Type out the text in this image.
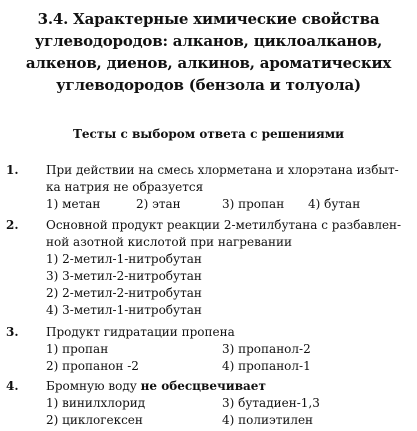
3.4. Характерные химические свойства
углеводородов: алканов, циклоалканов,
алкенов, диенов, алкинов, ароматических
углеводородов (бензола и толуола)
Тесты с выбором ответа с решениями
1. При действии на смесь хлорметана и хлорэтана избыт-
ка натрия не образуется
1) метан	2) этан	3) пропан 4) бутан
2. Основной продукт реакции 2-метилбутана с разбавлен-
ной азотной кислотой при нагревании
1) 2-метил-1-нитробутан
3) 3-метил-2-нитробутан
2) 2-метил-2-нитробутан
4) 3-метил-1-нитробутан
3. Продукт гидратации пропена
1) пропан	3) пропанол-2
2) пропанон -2	4) пропанол-1
4. Бромную воду не обесцвечивает
1) винилхлорид	3) бутадиен-1,3
2) циклогексен	4) полиэтилен
